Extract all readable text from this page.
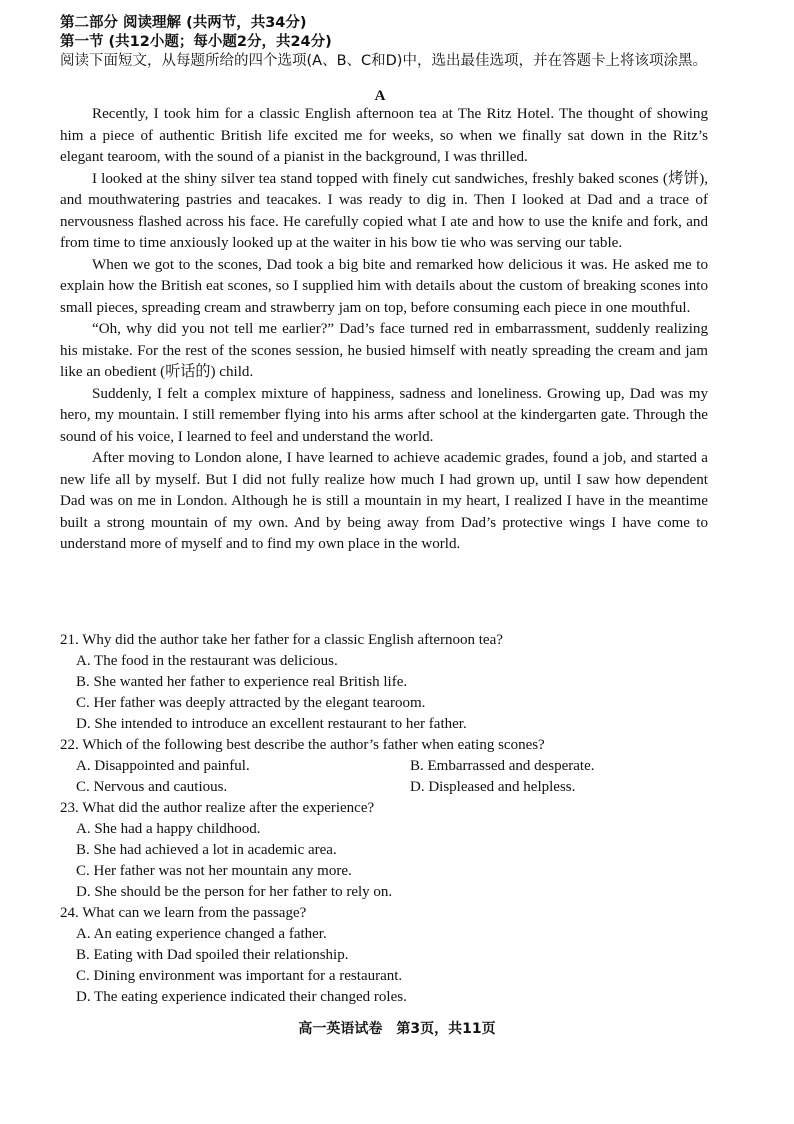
第二部分 阅读理解 (共两节，共34分)
第一节 (共12小题；每小题2分，共24分)
阅读下面短文，从每题所给的四个选项(A、B、C和D)中，选出最佳选项，并在答题卡上将该项涂黑。
A

Recently, I took him for a classic English afternoon tea at The Ritz Hotel. The thought of showing him a piece of authentic British life excited me for weeks, so when we finally sat down in the Ritz’s elegant tearoom, with the sound of a pianist in the background, I was thrilled.

I looked at the shiny silver tea stand topped with finely cut sandwiches, freshly baked scones (烤饼), and mouthwatering pastries and teacakes. I was ready to dig in. Then I looked at Dad and a trace of nervousness flashed across his face. He carefully copied what I ate and how to use the knife and fork, and from time to time anxiously looked up at the waiter in his bow tie who was serving our table.

When we got to the scones, Dad took a big bite and remarked how delicious it was. He asked me to explain how the British eat scones, so I supplied him with details about the custom of breaking scones into small pieces, spreading cream and strawberry jam on top, before consuming each piece in one mouthful.

“Oh, why did you not tell me earlier?” Dad’s face turned red in embarrassment, suddenly realizing his mistake. For the rest of the scones session, he busied himself with neatly spreading the cream and jam like an obedient (听话的) child.

Suddenly, I felt a complex mixture of happiness, sadness and loneliness. Growing up, Dad was my hero, my mountain. I still remember flying into his arms after school at the kindergarten gate. Through the sound of his voice, I learned to feel and understand the world.

After moving to London alone, I have learned to achieve academic grades, found a job, and started a new life all by myself. But I did not fully realize how much I had grown up, until I saw how dependent Dad was on me in London. Although he is still a mountain in my heart, I realized I have in the meantime built a strong mountain of my own. And by being away from Dad’s protective wings I have come to understand more of myself and to find my own place in the world.

21. Why did the author take her father for a classic English afternoon tea?
A. The food in the restaurant was delicious.
B. She wanted her father to experience real British life.
C. Her father was deeply attracted by the elegant tearoom.
D. She intended to introduce an excellent restaurant to her father.
22. Which of the following best describe the author’s father when eating scones?
A. Disappointed and painful.	B. Embarrassed and desperate.
C. Nervous and cautious.	D. Displeased and helpless.
23. What did the author realize after the experience?
A. She had a happy childhood.
B. She had achieved a lot in academic area.
C. Her father was not her mountain any more.
D. She should be the person for her father to rely on.
24. What can we learn from the passage?
A. An eating experience changed a father.
B. Eating with Dad spoiled their relationship.
C. Dining environment was important for a restaurant.
D. The eating experience indicated their changed roles.
高一英语试卷　第3页，共11页
